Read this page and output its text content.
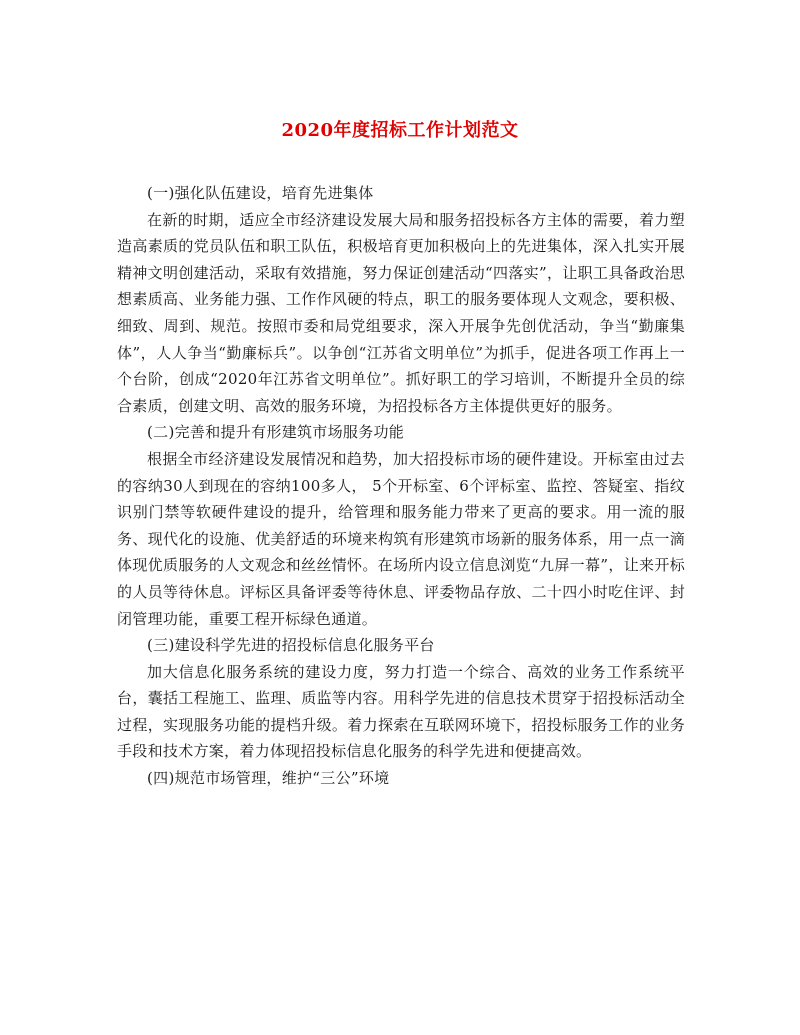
2020年度招标工作计划范文

(一)强化队伍建设，培育先进集体

在新的时期，适应全市经济建设发展大局和服务招投标各方主体的需要，着力塑造高素质的党员队伍和职工队伍，积极培育更加积极向上的先进集体，深入扎实开展精神文明创建活动，采取有效措施，努力保证创建活动“四落实”，让职工具备政治思想素质高、业务能力强、工作作风硬的特点，职工的服务要体现人文观念，要积极、细致、周到、规范。按照市委和局党组要求，深入开展争先创优活动，争当“勤廉集体”，人人争当“勤廉标兵”。以争创“江苏省文明单位”为抓手，促进各项工作再上一个台阶，创成“2020年江苏省文明单位”。抓好职工的学习培训，不断提升全员的综合素质，创建文明、高效的服务环境，为招投标各方主体提供更好的服务。

(二)完善和提升有形建筑市场服务功能

根据全市经济建设发展情况和趋势，加大招投标市场的硬件建设。开标室由过去的容纳30人到现在的容纳100多人， 5个开标室、6个评标室、监控、答疑室、指纹识别门禁等软硬件建设的提升，给管理和服务能力带来了更高的要求。用一流的服务、现代化的设施、优美舒适的环境来构筑有形建筑市场新的服务体系，用一点一滴体现优质服务的人文观念和丝丝情怀。在场所内设立信息浏览“九屏一幕”，让来开标的人员等待休息。评标区具备评委等待休息、评委物品存放、二十四小时吃住评、封闭管理功能，重要工程开标绿色通道。

(三)建设科学先进的招投标信息化服务平台

加大信息化服务系统的建设力度，努力打造一个综合、高效的业务工作系统平台，囊括工程施工、监理、质监等内容。用科学先进的信息技术贯穿于招投标活动全过程，实现服务功能的提档升级。着力探索在互联网环境下，招投标服务工作的业务手段和技术方案，着力体现招投标信息化服务的科学先进和便捷高效。

(四)规范市场管理，维护“三公”环境
